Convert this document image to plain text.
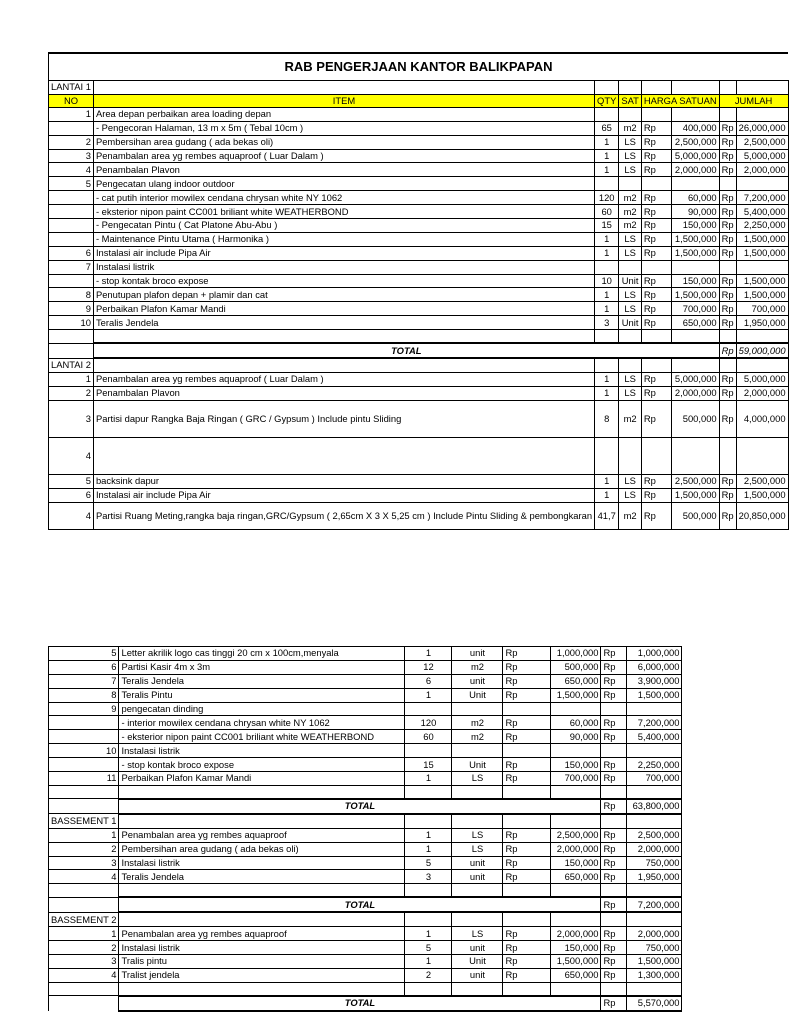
RAB PENGERJAAN KANTOR BALIKPAPAN							
LANTAI 1							
NO	ITEM	QTY	SAT	HARGA SATUAN		JUMLAH	
1	Area depan perbaikan area loading depan						
	- Pengecoran Halaman, 13 m x 5m ( Tebal 10cm )	65	m2	Rp	400,000	Rp	26,000,000
2	Pembersihan area gudang ( ada bekas oli)	1	LS	Rp	2,500,000	Rp	2,500,000
3	Penambalan area yg rembes aquaproof ( Luar Dalam )	1	LS	Rp	5,000,000	Rp	5,000,000
4	Penambalan Plavon	1	LS	Rp	2,000,000	Rp	2,000,000
5	Pengecatan ulang indoor outdoor						
	- cat putih interior mowilex cendana chrysan white NY 1062	120	m2	Rp	60,000	Rp	7,200,000
	- eksterior nipon paint CC001 briliant white WEATHERBOND	60	m2	Rp	90,000	Rp	5,400,000
	- Pengecatan Pintu ( Cat Platone Abu-Abu )	15	m2	Rp	150,000	Rp	2,250,000
	- Maintenance Pintu Utama ( Harmonika )	1	LS	Rp	1,500,000	Rp	1,500,000
6	Instalasi air include Pipa Air	1	LS	Rp	1,500,000	Rp	1,500,000
7	Instalasi listrik						
	- stop kontak broco expose	10	Unit	Rp	150,000	Rp	1,500,000
8	Penutupan plafon depan + plamir dan cat	1	LS	Rp	1,500,000	Rp	1,500,000
9	Perbaikan Plafon Kamar Mandi	1	LS	Rp	700,000	Rp	700,000
10	Teralis Jendela	3	Unit	Rp	650,000	Rp	1,950,000

	TOTAL					Rp	59,000,000
LANTAI 2							
1	Penambalan area yg rembes aquaproof ( Luar Dalam )	1	LS	Rp	5,000,000	Rp	5,000,000
2	Penambalan Plavon	1	LS	Rp	2,000,000	Rp	2,000,000
3	Partisi dapur Rangka Baja Ringan ( GRC / Gypsum ) Include pintu Sliding	8	m2	Rp	500,000	Rp	4,000,000
4							
5	backsink dapur	1	LS	Rp	2,500,000	Rp	2,500,000
6	Instalasi air include Pipa Air	1	LS	Rp	1,500,000	Rp	1,500,000
4	Partisi Ruang Meting,rangka baja ringan,GRC/Gypsum ( 2,65cm X 3 X 5,25 cm ) Include Pintu Sliding & pembongkaran	41,7	m2	Rp	500,000	Rp	20,850,000
5	Letter akrilik logo cas tinggi 20 cm x 100cm,menyala	1	unit	Rp	1,000,000	Rp	1,000,000
6	Partisi Kasir 4m x 3m	12	m2	Rp	500,000	Rp	6,000,000
7	Teralis Jendela	6	unit	Rp	650,000	Rp	3,900,000
8	Teralis Pintu	1	Unit	Rp	1,500,000	Rp	1,500,000
9	pengecatan dinding						
	- interior mowilex cendana chrysan white NY 1062	120	m2	Rp	60,000	Rp	7,200,000
	- eksterior nipon paint CC001 briliant white WEATHERBOND	60	m2	Rp	90,000	Rp	5,400,000
10	Instalasi listrik						
	- stop kontak broco expose	15	Unit	Rp	150,000	Rp	2,250,000
11	Perbaikan Plafon Kamar Mandi	1	LS	Rp	700,000	Rp	700,000

	TOTAL					Rp	63,800,000
BASSEMENT 1							
1	Penambalan area yg rembes aquaproof	1	LS	Rp	2,500,000	Rp	2,500,000
2	Pembersihan area gudang ( ada bekas oli)	1	LS	Rp	2,000,000	Rp	2,000,000
3	Instalasi listrik	5	unit	Rp	150,000	Rp	750,000
4	Teralis Jendela	3	unit	Rp	650,000	Rp	1,950,000

	TOTAL					Rp	7,200,000
BASSEMENT 2							
1	Penambalan area yg rembes aquaproof	1	LS	Rp	2,000,000	Rp	2,000,000
2	Instalasi listrik	5	unit	Rp	150,000	Rp	750,000
3	Tralis pintu	1	Unit	Rp	1,500,000	Rp	1,500,000
4	Tralist jendela	2	unit	Rp	650,000	Rp	1,300,000

	TOTAL					Rp	5,570,000
